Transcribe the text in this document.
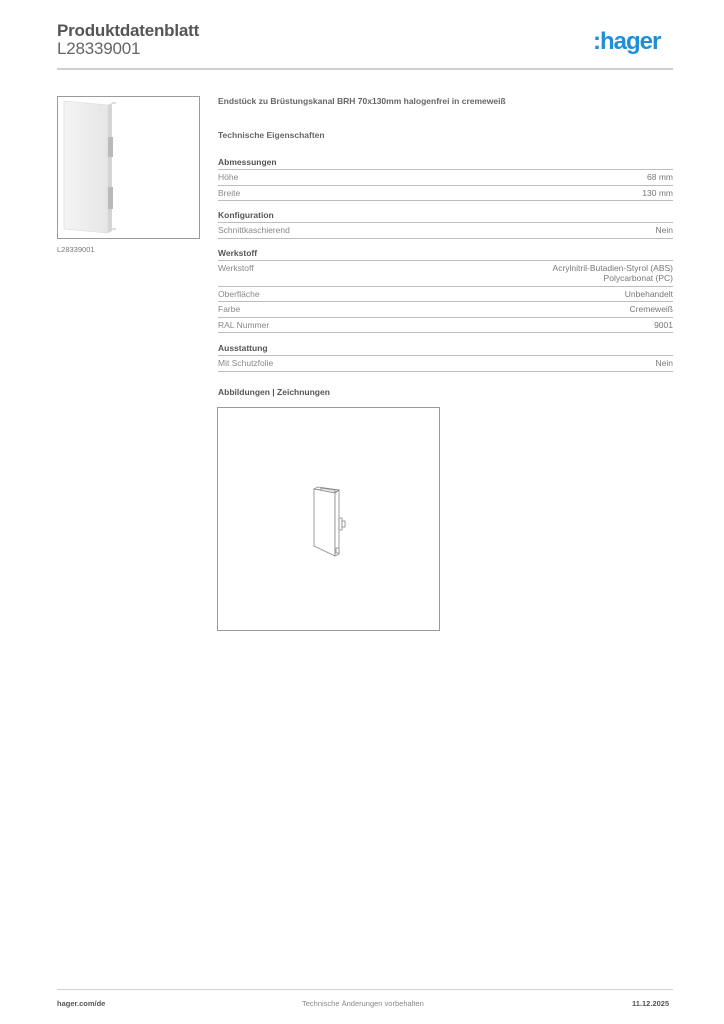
Produktdatenblatt
L28339001	:hager
L28339001
Endstück zu Brüstungskanal BRH 70x130mm halogenfrei in cremeweiß
Technische Eigenschaften
Abmessungen
Höhe	68 mm
Breite	130 mm
Konfiguration
Schnittkaschierend	Nein
Werkstoff
Werkstoff	Acrylnitril-Butadien-Styrol (ABS)
Polycarbonat (PC)
Oberfläche	Unbehandelt
Farbe	Cremeweiß
RAL Nummer	9001
Ausstattung
Mit Schutzfolie	Nein
Abbildungen | Zeichnungen
hager.com/de	Technische Änderungen vorbehalten	11.12.2025
